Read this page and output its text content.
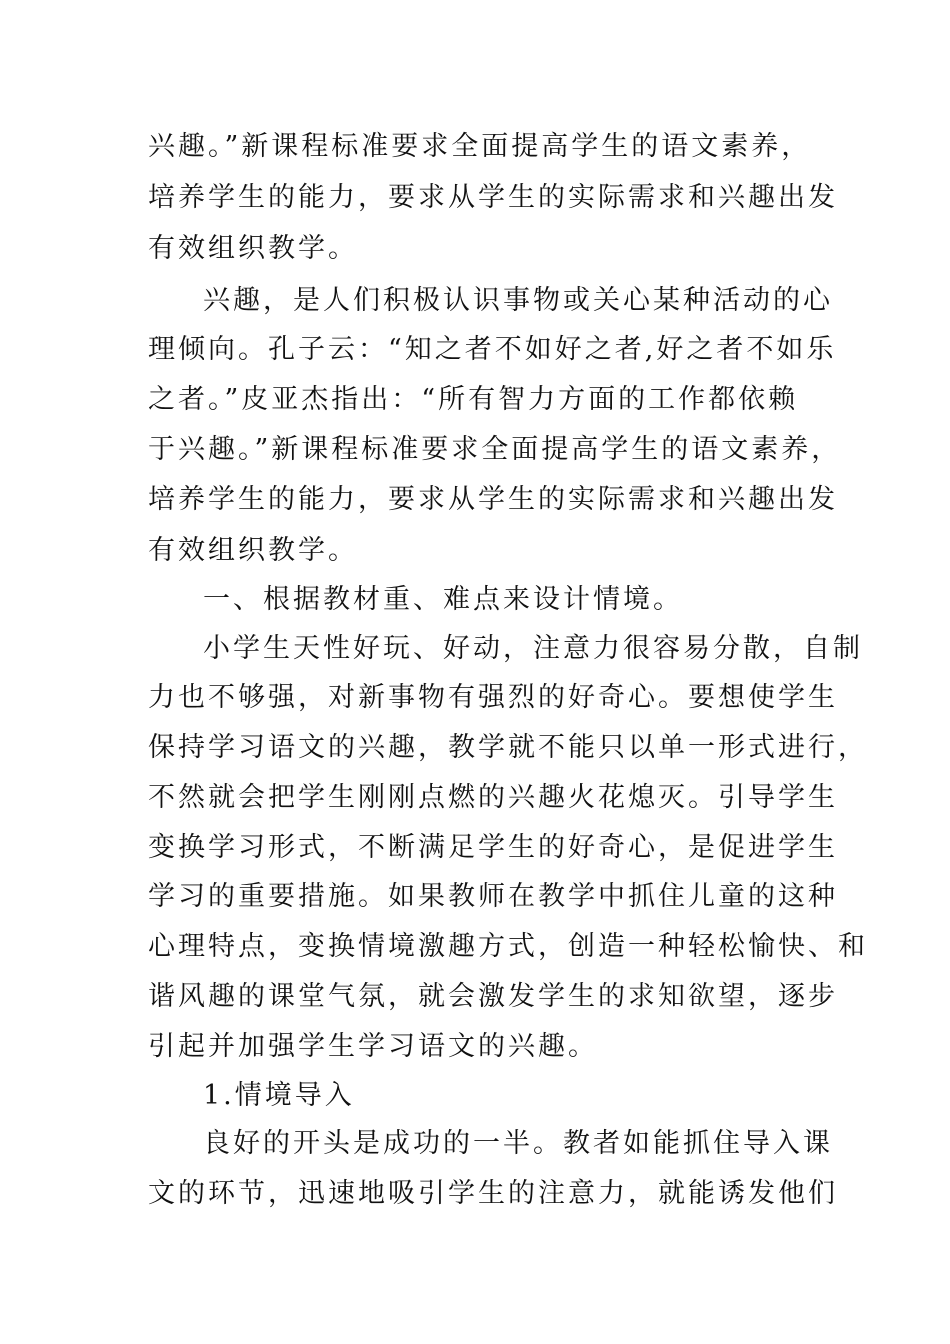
兴趣。”新课程标准要求全面提高学生的语文素养，
培养学生的能力，要求从学生的实际需求和兴趣出发
有效组织教学。
兴趣，是人们积极认识事物或关心某种活动的心
理倾向。孔子云：“知之者不如好之者,好之者不如乐
之者。”皮亚杰指出：“所有智力方面的工作都依赖
于兴趣。”新课程标准要求全面提高学生的语文素养，
培养学生的能力，要求从学生的实际需求和兴趣出发
有效组织教学。
一、根据教材重、难点来设计情境。
小学生天性好玩、好动，注意力很容易分散，自制
力也不够强，对新事物有强烈的好奇心。要想使学生
保持学习语文的兴趣，教学就不能只以单一形式进行，
不然就会把学生刚刚点燃的兴趣火花熄灭。引导学生
变换学习形式，不断满足学生的好奇心，是促进学生
学习的重要措施。如果教师在教学中抓住儿童的这种
心理特点，变换情境激趣方式，创造一种轻松愉快、和
谐风趣的课堂气氛，就会激发学生的求知欲望，逐步
引起并加强学生学习语文的兴趣。
1.情境导入
良好的开头是成功的一半。教者如能抓住导入课
文的环节，迅速地吸引学生的注意力，就能诱发他们
